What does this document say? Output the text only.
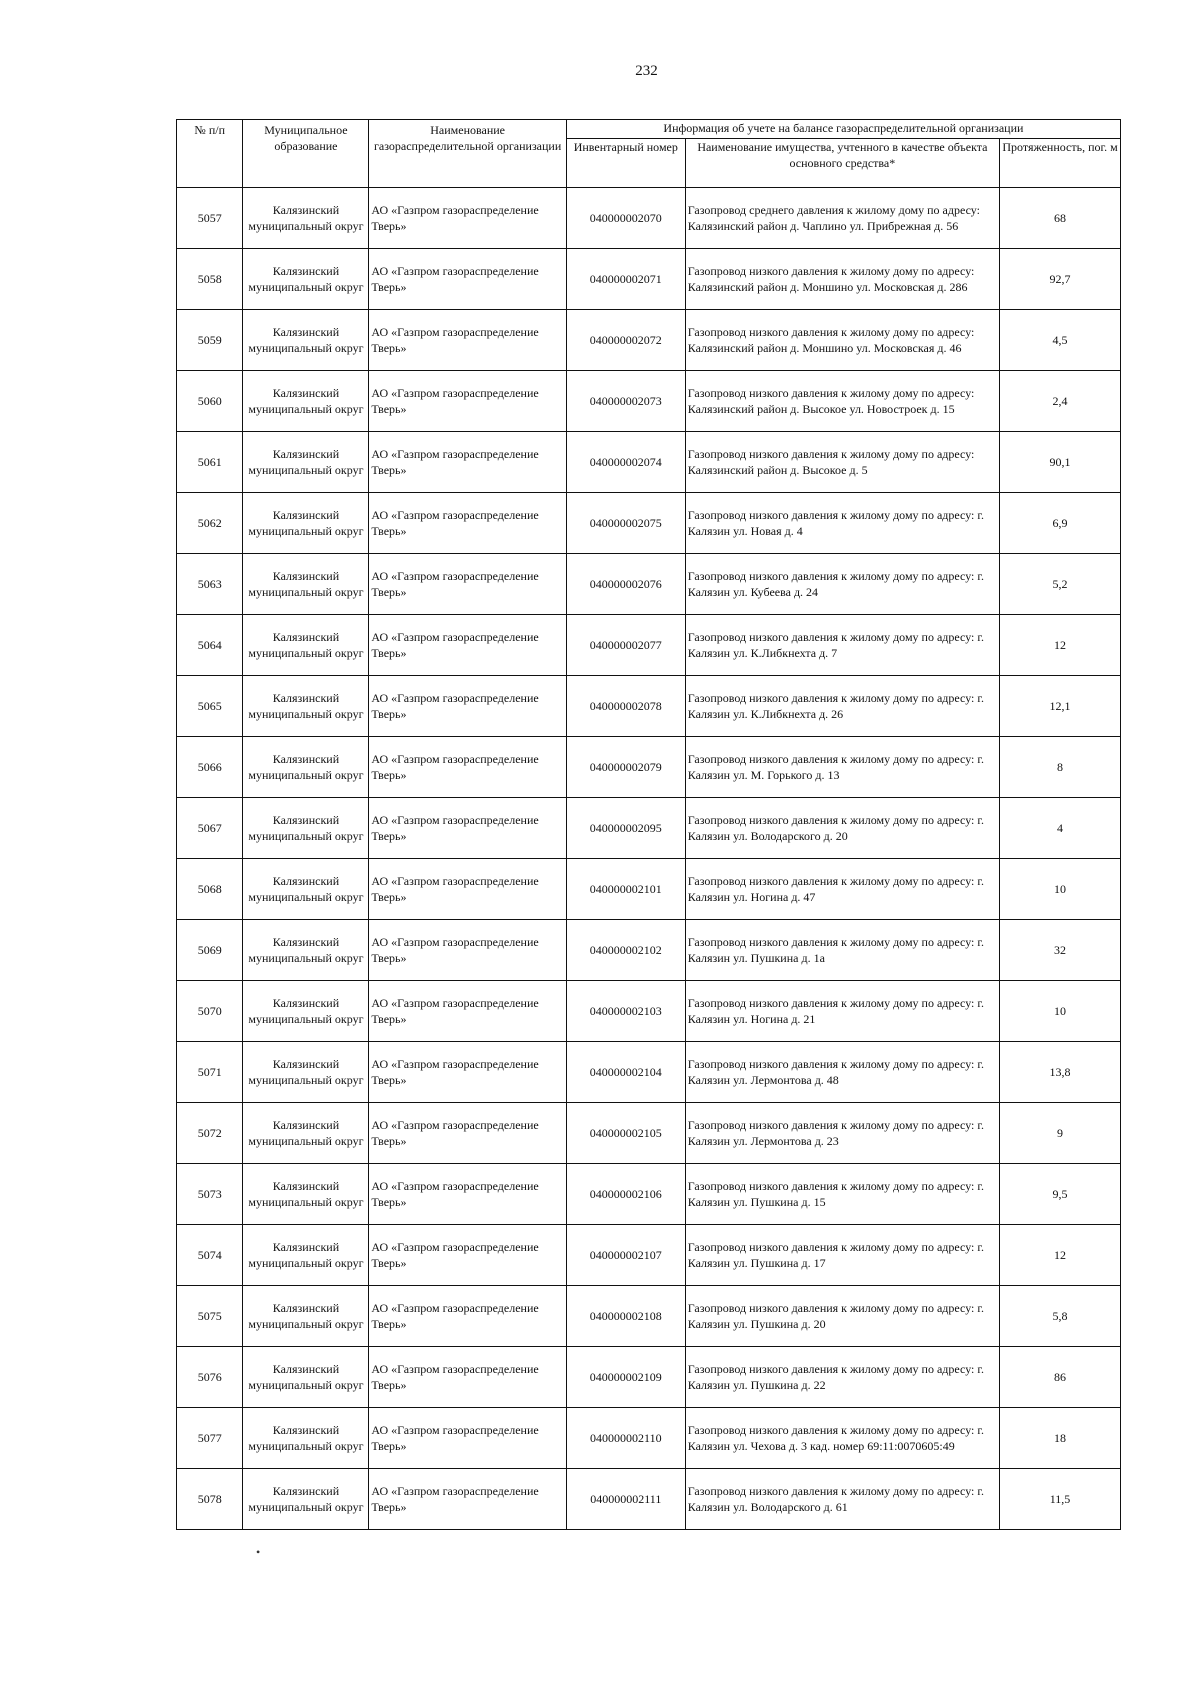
232
№ п/п	Муниципальное образование	Наименование газораспределительной организации	Информация об учете на балансе газораспределительной организации		
			Инвентарный номер	Наименование имущества, учтенного в качестве объекта основного средства*	Протяженность, пог. м
5057	Калязинский муниципальный округ	АО «Газпром газораспределение Тверь»	040000002070	Газопровод среднего давления к жилому дому по адресу: Калязинский район д. Чаплино ул. Прибрежная д. 56	68
5058	Калязинский муниципальный округ	АО «Газпром газораспределение Тверь»	040000002071	Газопровод низкого давления к жилому дому по адресу: Калязинский район д. Моншино ул. Московская д. 286	92,7
5059	Калязинский муниципальный округ	АО «Газпром газораспределение Тверь»	040000002072	Газопровод низкого давления к жилому дому по адресу: Калязинский район д. Моншино ул. Московская д. 46	4,5
5060	Калязинский муниципальный округ	АО «Газпром газораспределение Тверь»	040000002073	Газопровод низкого давления к жилому дому по адресу: Калязинский район д. Высокое ул. Новостроек д. 15	2,4
5061	Калязинский муниципальный округ	АО «Газпром газораспределение Тверь»	040000002074	Газопровод низкого давления к жилому дому по адресу: Калязинский район д. Высокое д. 5	90,1
5062	Калязинский муниципальный округ	АО «Газпром газораспределение Тверь»	040000002075	Газопровод низкого давления к жилому дому по адресу: г. Калязин ул. Новая д. 4	6,9
5063	Калязинский муниципальный округ	АО «Газпром газораспределение Тверь»	040000002076	Газопровод низкого давления к жилому дому по адресу: г. Калязин ул. Кубеева д. 24	5,2
5064	Калязинский муниципальный округ	АО «Газпром газораспределение Тверь»	040000002077	Газопровод низкого давления к жилому дому по адресу: г. Калязин ул. К.Либкнехта д. 7	12
5065	Калязинский муниципальный округ	АО «Газпром газораспределение Тверь»	040000002078	Газопровод низкого давления к жилому дому по адресу: г. Калязин ул. К.Либкнехта д. 26	12,1
5066	Калязинский муниципальный округ	АО «Газпром газораспределение Тверь»	040000002079	Газопровод низкого давления к жилому дому по адресу: г. Калязин ул. М. Горького д. 13	8
5067	Калязинский муниципальный округ	АО «Газпром газораспределение Тверь»	040000002095	Газопровод низкого давления к жилому дому по адресу: г. Калязин ул. Володарского д. 20	4
5068	Калязинский муниципальный округ	АО «Газпром газораспределение Тверь»	040000002101	Газопровод низкого давления к жилому дому по адресу: г. Калязин ул. Ногина д. 47	10
5069	Калязинский муниципальный округ	АО «Газпром газораспределение Тверь»	040000002102	Газопровод низкого давления к жилому дому по адресу: г. Калязин ул. Пушкина д. 1а	32
5070	Калязинский муниципальный округ	АО «Газпром газораспределение Тверь»	040000002103	Газопровод низкого давления к жилому дому по адресу: г. Калязин ул. Ногина д. 21	10
5071	Калязинский муниципальный округ	АО «Газпром газораспределение Тверь»	040000002104	Газопровод низкого давления к жилому дому по адресу: г. Калязин ул. Лермонтова д. 48	13,8
5072	Калязинский муниципальный округ	АО «Газпром газораспределение Тверь»	040000002105	Газопровод низкого давления к жилому дому по адресу: г. Калязин ул. Лермонтова д. 23	9
5073	Калязинский муниципальный округ	АО «Газпром газораспределение Тверь»	040000002106	Газопровод низкого давления к жилому дому по адресу: г. Калязин ул. Пушкина д. 15	9,5
5074	Калязинский муниципальный округ	АО «Газпром газораспределение Тверь»	040000002107	Газопровод низкого давления к жилому дому по адресу: г. Калязин ул. Пушкина д. 17	12
5075	Калязинский муниципальный округ	АО «Газпром газораспределение Тверь»	040000002108	Газопровод низкого давления к жилому дому по адресу: г. Калязин ул. Пушкина д. 20	5,8
5076	Калязинский муниципальный округ	АО «Газпром газораспределение Тверь»	040000002109	Газопровод низкого давления к жилому дому по адресу: г. Калязин ул. Пушкина д. 22	86
5077	Калязинский муниципальный округ	АО «Газпром газораспределение Тверь»	040000002110	Газопровод низкого давления к жилому дому по адресу: г. Калязин ул. Чехова д. 3 кад. номер 69:11:0070605:49	18
5078	Калязинский муниципальный округ	АО «Газпром газораспределение Тверь»	040000002111	Газопровод низкого давления к жилому дому по адресу: г. Калязин ул. Володарского д. 61	11,5
•
